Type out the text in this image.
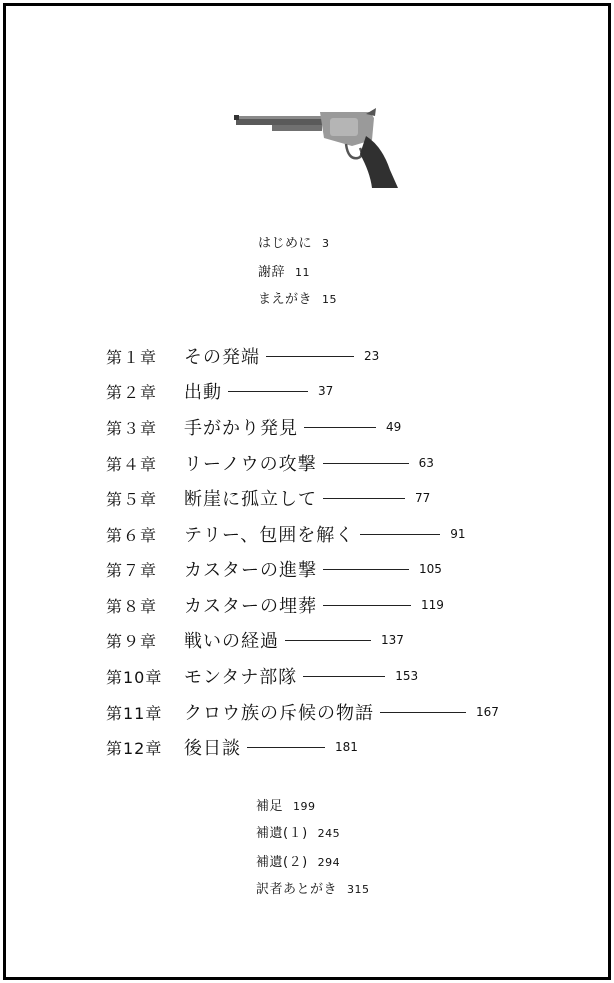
はじめに 3
謝辞 11
まえがき 15
第１章	その発端	23
第２章	出動	37
第３章	手がかり発見	49
第４章	リーノウの攻撃	63
第５章	断崖に孤立して	77
第６章	テリー、包囲を解く	91
第７章	カスターの進撃	105
第８章	カスターの埋葬	119
第９章	戦いの経過	137
第10章	モンタナ部隊	153
第11章	クロウ族の斥候の物語	167
第12章	後日談	181
補足 199
補遺(１) 245
補遺(２) 294
訳者あとがき 315
